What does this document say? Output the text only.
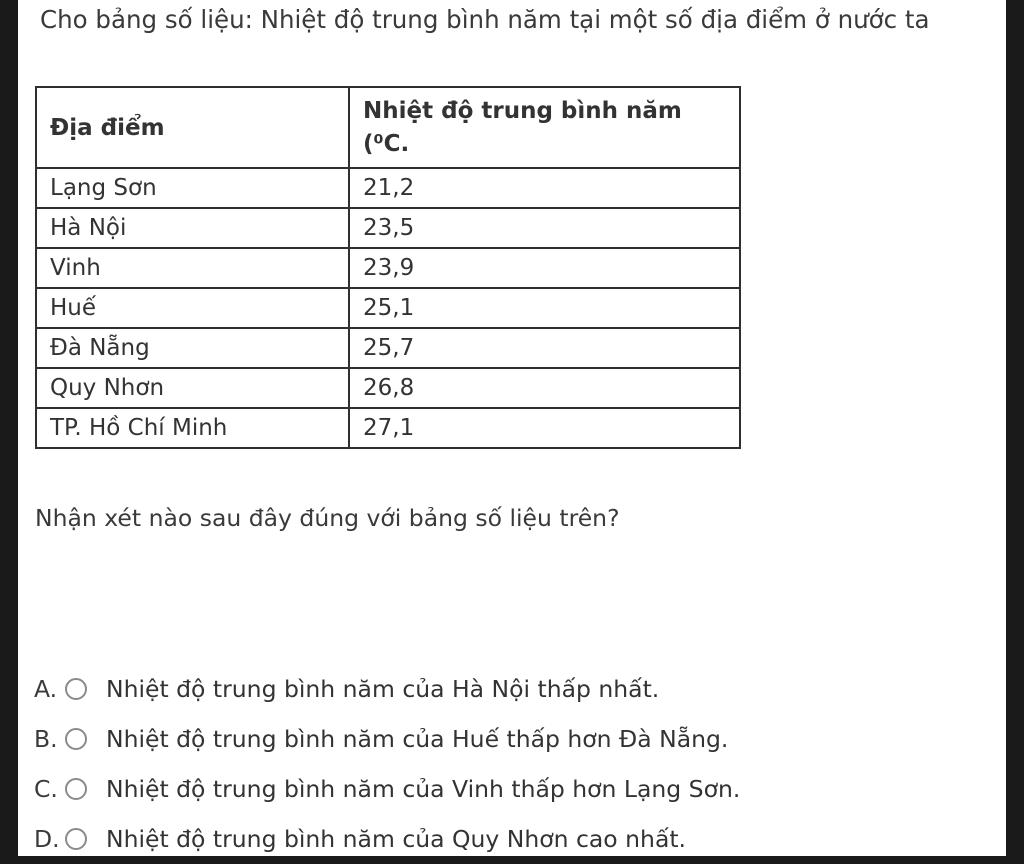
Cho bảng số liệu: Nhiệt độ trung bình năm tại một số địa điểm ở nước ta
Địa điểm	Nhiệt độ trung bình năm
(⁰C.
Lạng Sơn	21,2
Hà Nội	23,5
Vinh	23,9
Huế	25,1
Đà Nẵng	25,7
Quy Nhơn	26,8
TP. Hồ Chí Minh	27,1
Nhận xét nào sau đây đúng với bảng số liệu trên?
A.	Nhiệt độ trung bình năm của Hà Nội thấp nhất.
B.	Nhiệt độ trung bình năm của Huế thấp hơn Đà Nẵng.
C.	Nhiệt độ trung bình năm của Vinh thấp hơn Lạng Sơn.
D. Nhiệt độ trung bình năm của Quy Nhơn cao nhất.
